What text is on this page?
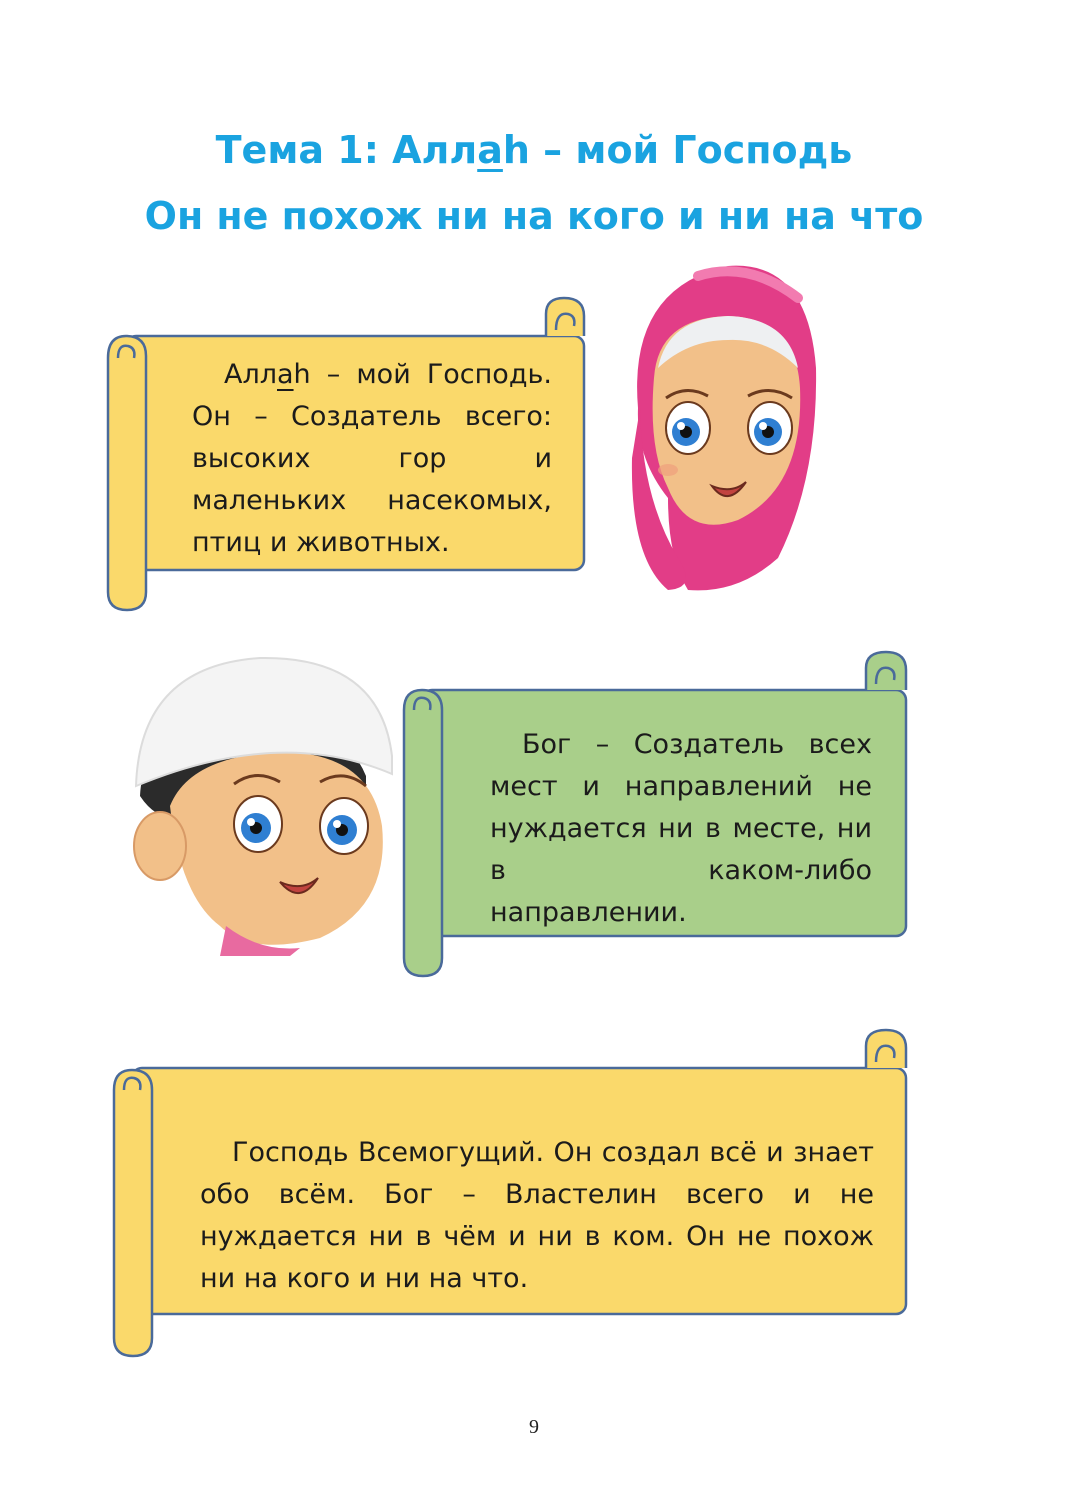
Тема 1: Аллаh – мой Господь
Он не похож ни на кого и ни на что
Аллаh – мой Господь. Он – Создатель всего: высоких гор и маленьких насекомых, птиц и животных.
Бог – Создатель всех мест и направлений не нуждается ни в месте, ни в каком-либо направлении.
Господь Всемогущий. Он создал всё и знает обо всём. Бог – Властелин всего и не нуждается ни в чём и ни в ком. Он не похож ни на кого и ни на что.
9
